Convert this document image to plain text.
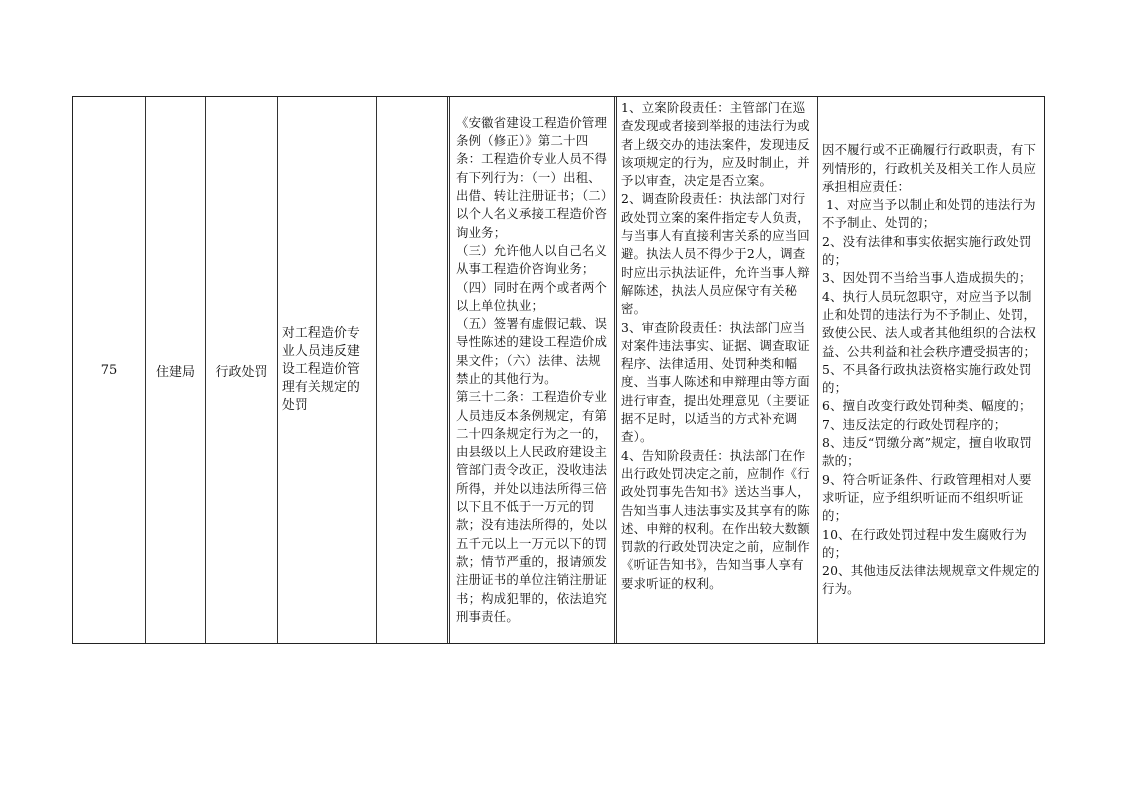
75	住建局 行政处罚
对工程造价专业人员违反建设工程造价管理有关规定的处罚
《安徽省建设工程造价管理条例（修正）》第二十四条：工程造价专业人员不得有下列行为：（一）出租、出借、转让注册证书；（二）以个人名义承接工程造价咨询业务；
（三）允许他人以自己名义从事工程造价咨询业务；（四）同时在两个或者两个以上单位执业；
（五）签署有虚假记载、误导性陈述的建设工程造价成果文件；（六）法律、法规禁止的其他行为。
第三十二条：工程造价专业人员违反本条例规定，有第二十四条规定行为之一的，由县级以上人民政府建设主管部门责令改正，没收违法所得，并处以违法所得三倍以下且不低于一万元的罚款；没有违法所得的，处以五千元以上一万元以下的罚款；情节严重的，报请颁发注册证书的单位注销注册证书；构成犯罪的，依法追究刑事责任。
1、立案阶段责任：主管部门在巡查发现或者接到举报的违法行为或者上级交办的违法案件，发现违反该项规定的行为，应及时制止，并予以审查，决定是否立案。
2、调查阶段责任：执法部门对行政处罚立案的案件指定专人负责，与当事人有直接利害关系的应当回避。执法人员不得少于2人，调查时应出示执法证件，允许当事人辩解陈述，执法人员应保守有关秘密。
3、审查阶段责任：执法部门应当对案件违法事实、证据、调查取证程序、法律适用、处罚种类和幅度、当事人陈述和申辩理由等方面进行审查，提出处理意见（主要证据不足时，以适当的方式补充调查）。
4、告知阶段责任：执法部门在作出行政处罚决定之前，应制作《行政处罚事先告知书》送达当事人，告知当事人违法事实及其享有的陈述、申辩的权利。在作出较大数额罚款的行政处罚决定之前，应制作《听证告知书》，告知当事人享有要求听证的权利。
因不履行或不正确履行行政职责，有下列情形的，行政机关及相关工作人员应承担相应责任：
1、对应当予以制止和处罚的违法行为不予制止、处罚的；
2、没有法律和事实依据实施行政处罚的；
3、因处罚不当给当事人造成损失的；
4、执行人员玩忽职守，对应当予以制止和处罚的违法行为不予制止、处罚，致使公民、法人或者其他组织的合法权益、公共利益和社会秩序遭受损害的；
5、不具备行政执法资格实施行政处罚的；
6、擅自改变行政处罚种类、幅度的；
7、违反法定的行政处罚程序的；
8、违反“罚缴分离”规定，擅自收取罚款的；
9、符合听证条件、行政管理相对人要求听证，应予组织听证而不组织听证的；
10、在行政处罚过程中发生腐败行为的；
20、其他违反法律法规规章文件规定的行为。
